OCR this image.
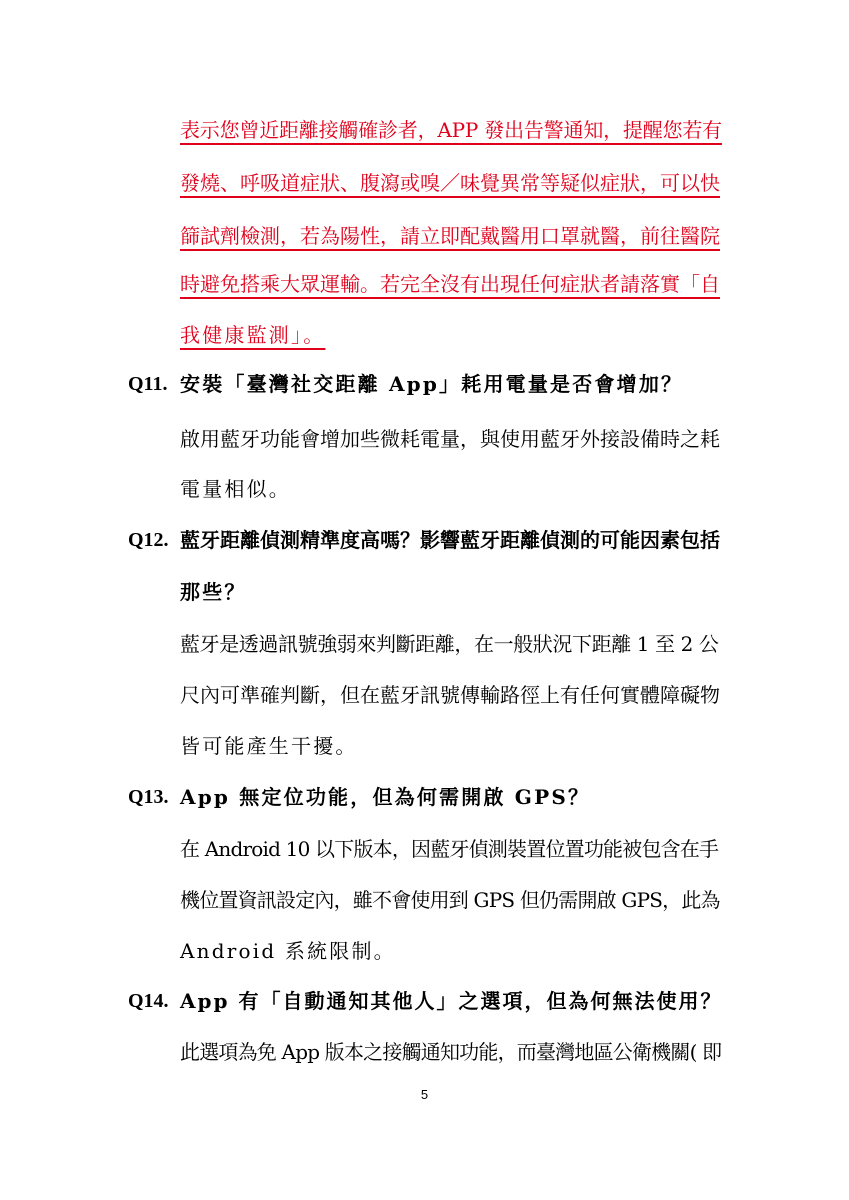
表示您曾近距離接觸確診者，APP 發出告警通知，提醒您若有
發燒、呼吸道症狀、腹瀉或嗅／味覺異常等疑似症狀，可以快
篩試劑檢測，若為陽性，請立即配戴醫用口罩就醫，前往醫院
時避免搭乘大眾運輸。若完全沒有出現任何症狀者請落實「自
我健康監測」。
Q11. 安裝「臺灣社交距離 App」耗用電量是否會增加？
啟用藍牙功能會增加些微耗電量，與使用藍牙外接設備時之耗
電量相似。
Q12. 藍牙距離偵測精準度高嗎？影響藍牙距離偵測的可能因素包括
那些？
藍牙是透過訊號強弱來判斷距離，在一般狀況下距離 1 至 2 公
尺內可準確判斷，但在藍牙訊號傳輸路徑上有任何實體障礙物
皆可能產生干擾。
Q13. App 無定位功能，但為何需開啟 GPS？
在 Android 10 以下版本，因藍牙偵測裝置位置功能被包含在手
機位置資訊設定內，雖不會使用到 GPS 但仍需開啟 GPS，此為
Android 系統限制。
Q14. App 有「自動通知其他人」之選項，但為何無法使用？
此選項為免 App 版本之接觸通知功能，而臺灣地區公衛機關( 即
5
